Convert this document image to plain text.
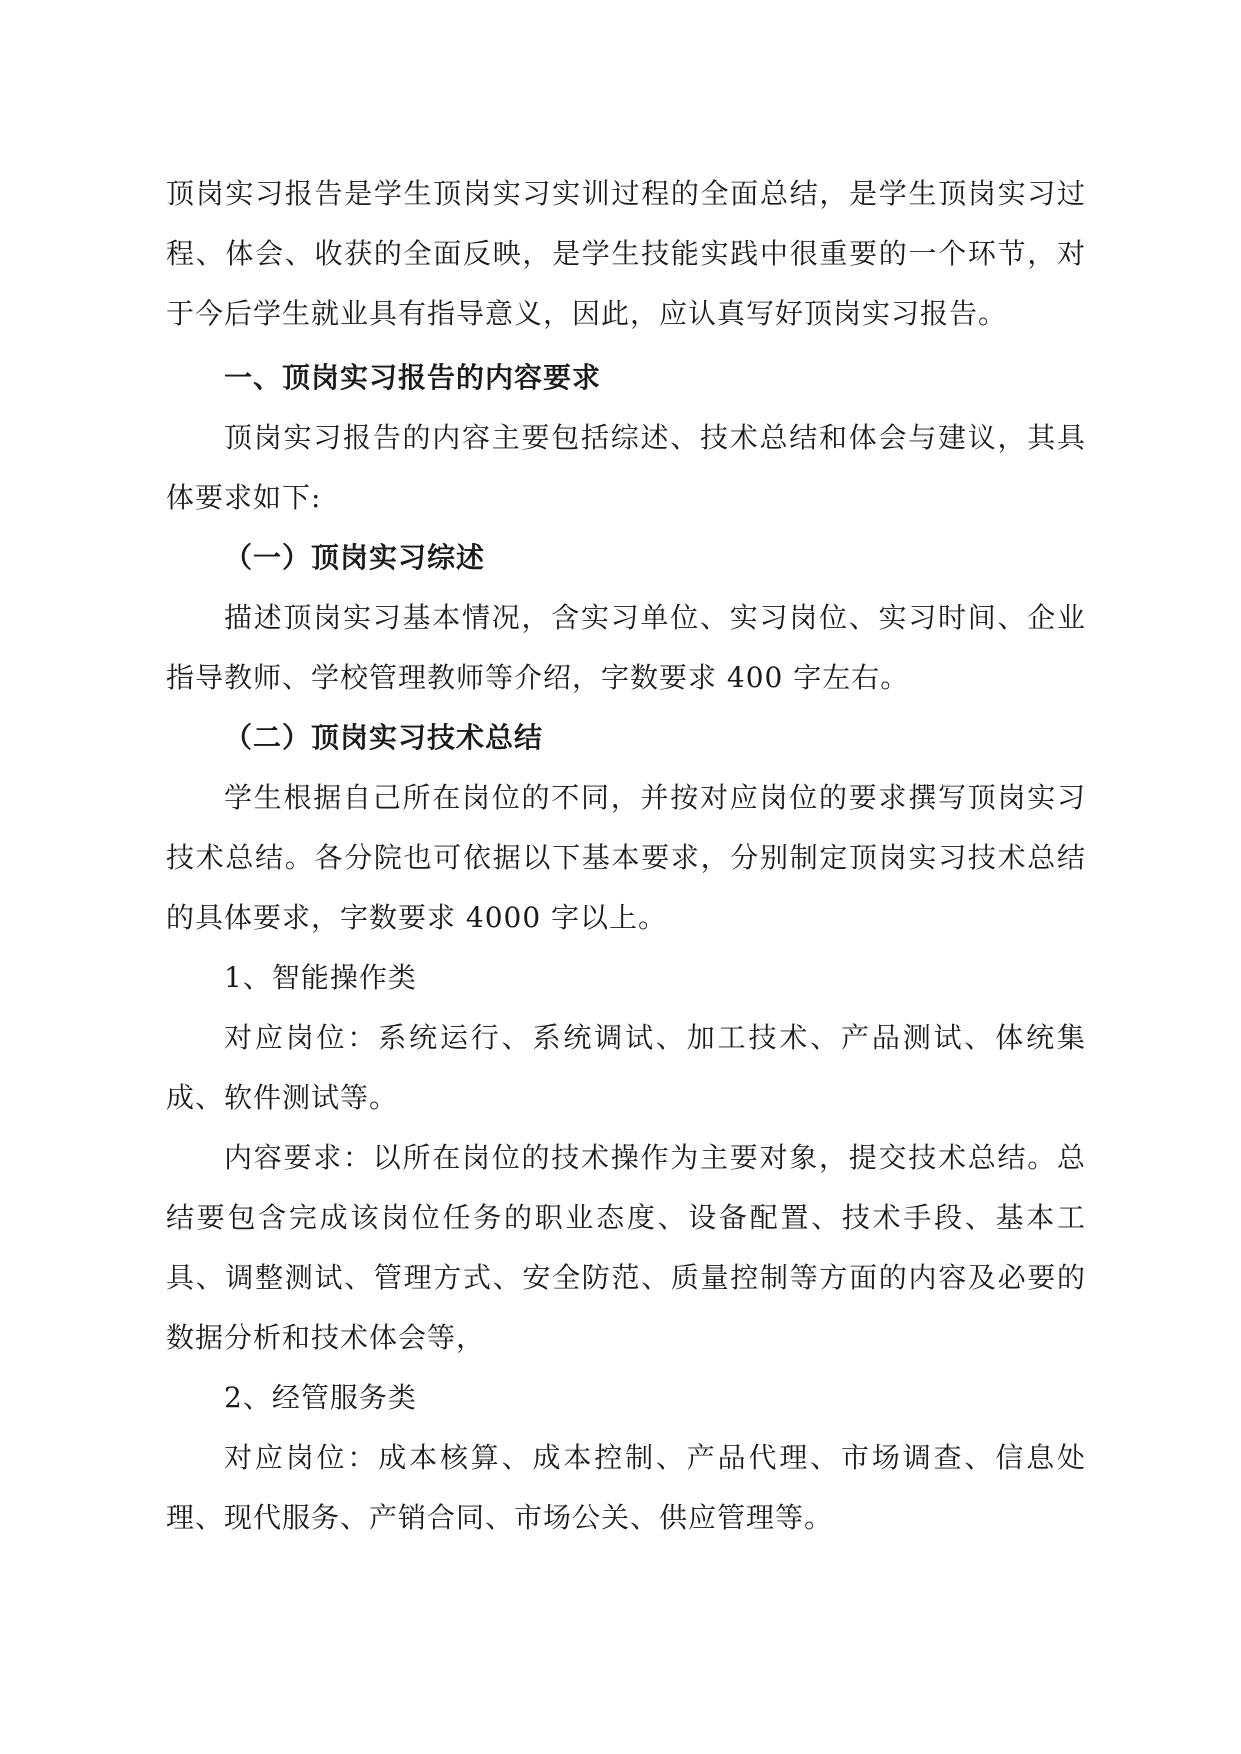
顶岗实习报告是学生顶岗实习实训过程的全面总结，是学生顶岗实习过程、体会、收获的全面反映，是学生技能实践中很重要的一个环节，对于今后学生就业具有指导意义，因此，应认真写好顶岗实习报告。

一、顶岗实习报告的内容要求

顶岗实习报告的内容主要包括综述、技术总结和体会与建议，其具体要求如下:

（一）顶岗实习综述

描述顶岗实习基本情况，含实习单位、实习岗位、实习时间、企业指导教师、学校管理教师等介绍，字数要求 400 字左右。

（二）顶岗实习技术总结

学生根据自己所在岗位的不同，并按对应岗位的要求撰写顶岗实习技术总结。各分院也可依据以下基本要求，分别制定顶岗实习技术总结的具体要求，字数要求 4000 字以上。

1、智能操作类

对应岗位：系统运行、系统调试、加工技术、产品测试、体统集成、软件测试等。

内容要求：以所在岗位的技术操作为主要对象，提交技术总结。总结要包含完成该岗位任务的职业态度、设备配置、技术手段、基本工具、调整测试、管理方式、安全防范、质量控制等方面的内容及必要的数据分析和技术体会等，

2、经管服务类

对应岗位：成本核算、成本控制、产品代理、市场调查、信息处理、现代服务、产销合同、市场公关、供应管理等。
